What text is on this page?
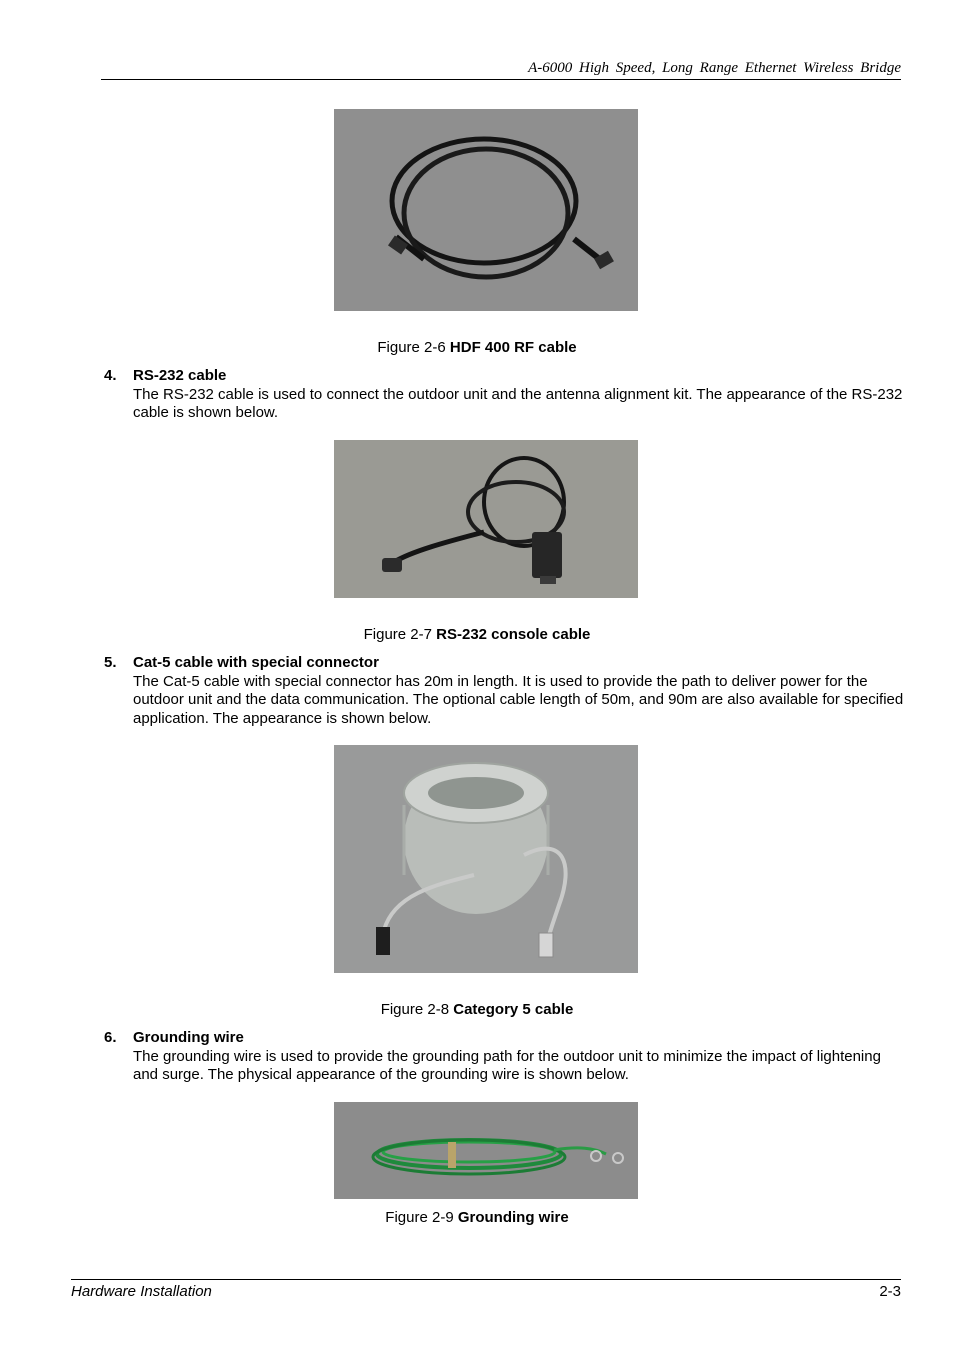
A-6000 High Speed, Long Range Ethernet Wireless Bridge
Figure 2-6 HDF 400 RF cable
4. RS-232 cable
The RS-232 cable is used to connect the outdoor unit and the antenna alignment kit. The appearance of the RS-232 cable is shown below.
Figure 2-7 RS-232 console cable
5. Cat-5 cable with special connector
The Cat-5 cable with special connector has 20m in length. It is used to provide the path to deliver power for the outdoor unit and the data communication. The optional cable length of 50m, and 90m are also available for specified application. The appearance is shown below.
Figure 2-8 Category 5 cable
6. Grounding wire
The grounding wire is used to provide the grounding path for the outdoor unit to minimize the impact of lightening and surge. The physical appearance of the grounding wire is shown below.
Figure 2-9 Grounding wire
Hardware Installation	2-3
